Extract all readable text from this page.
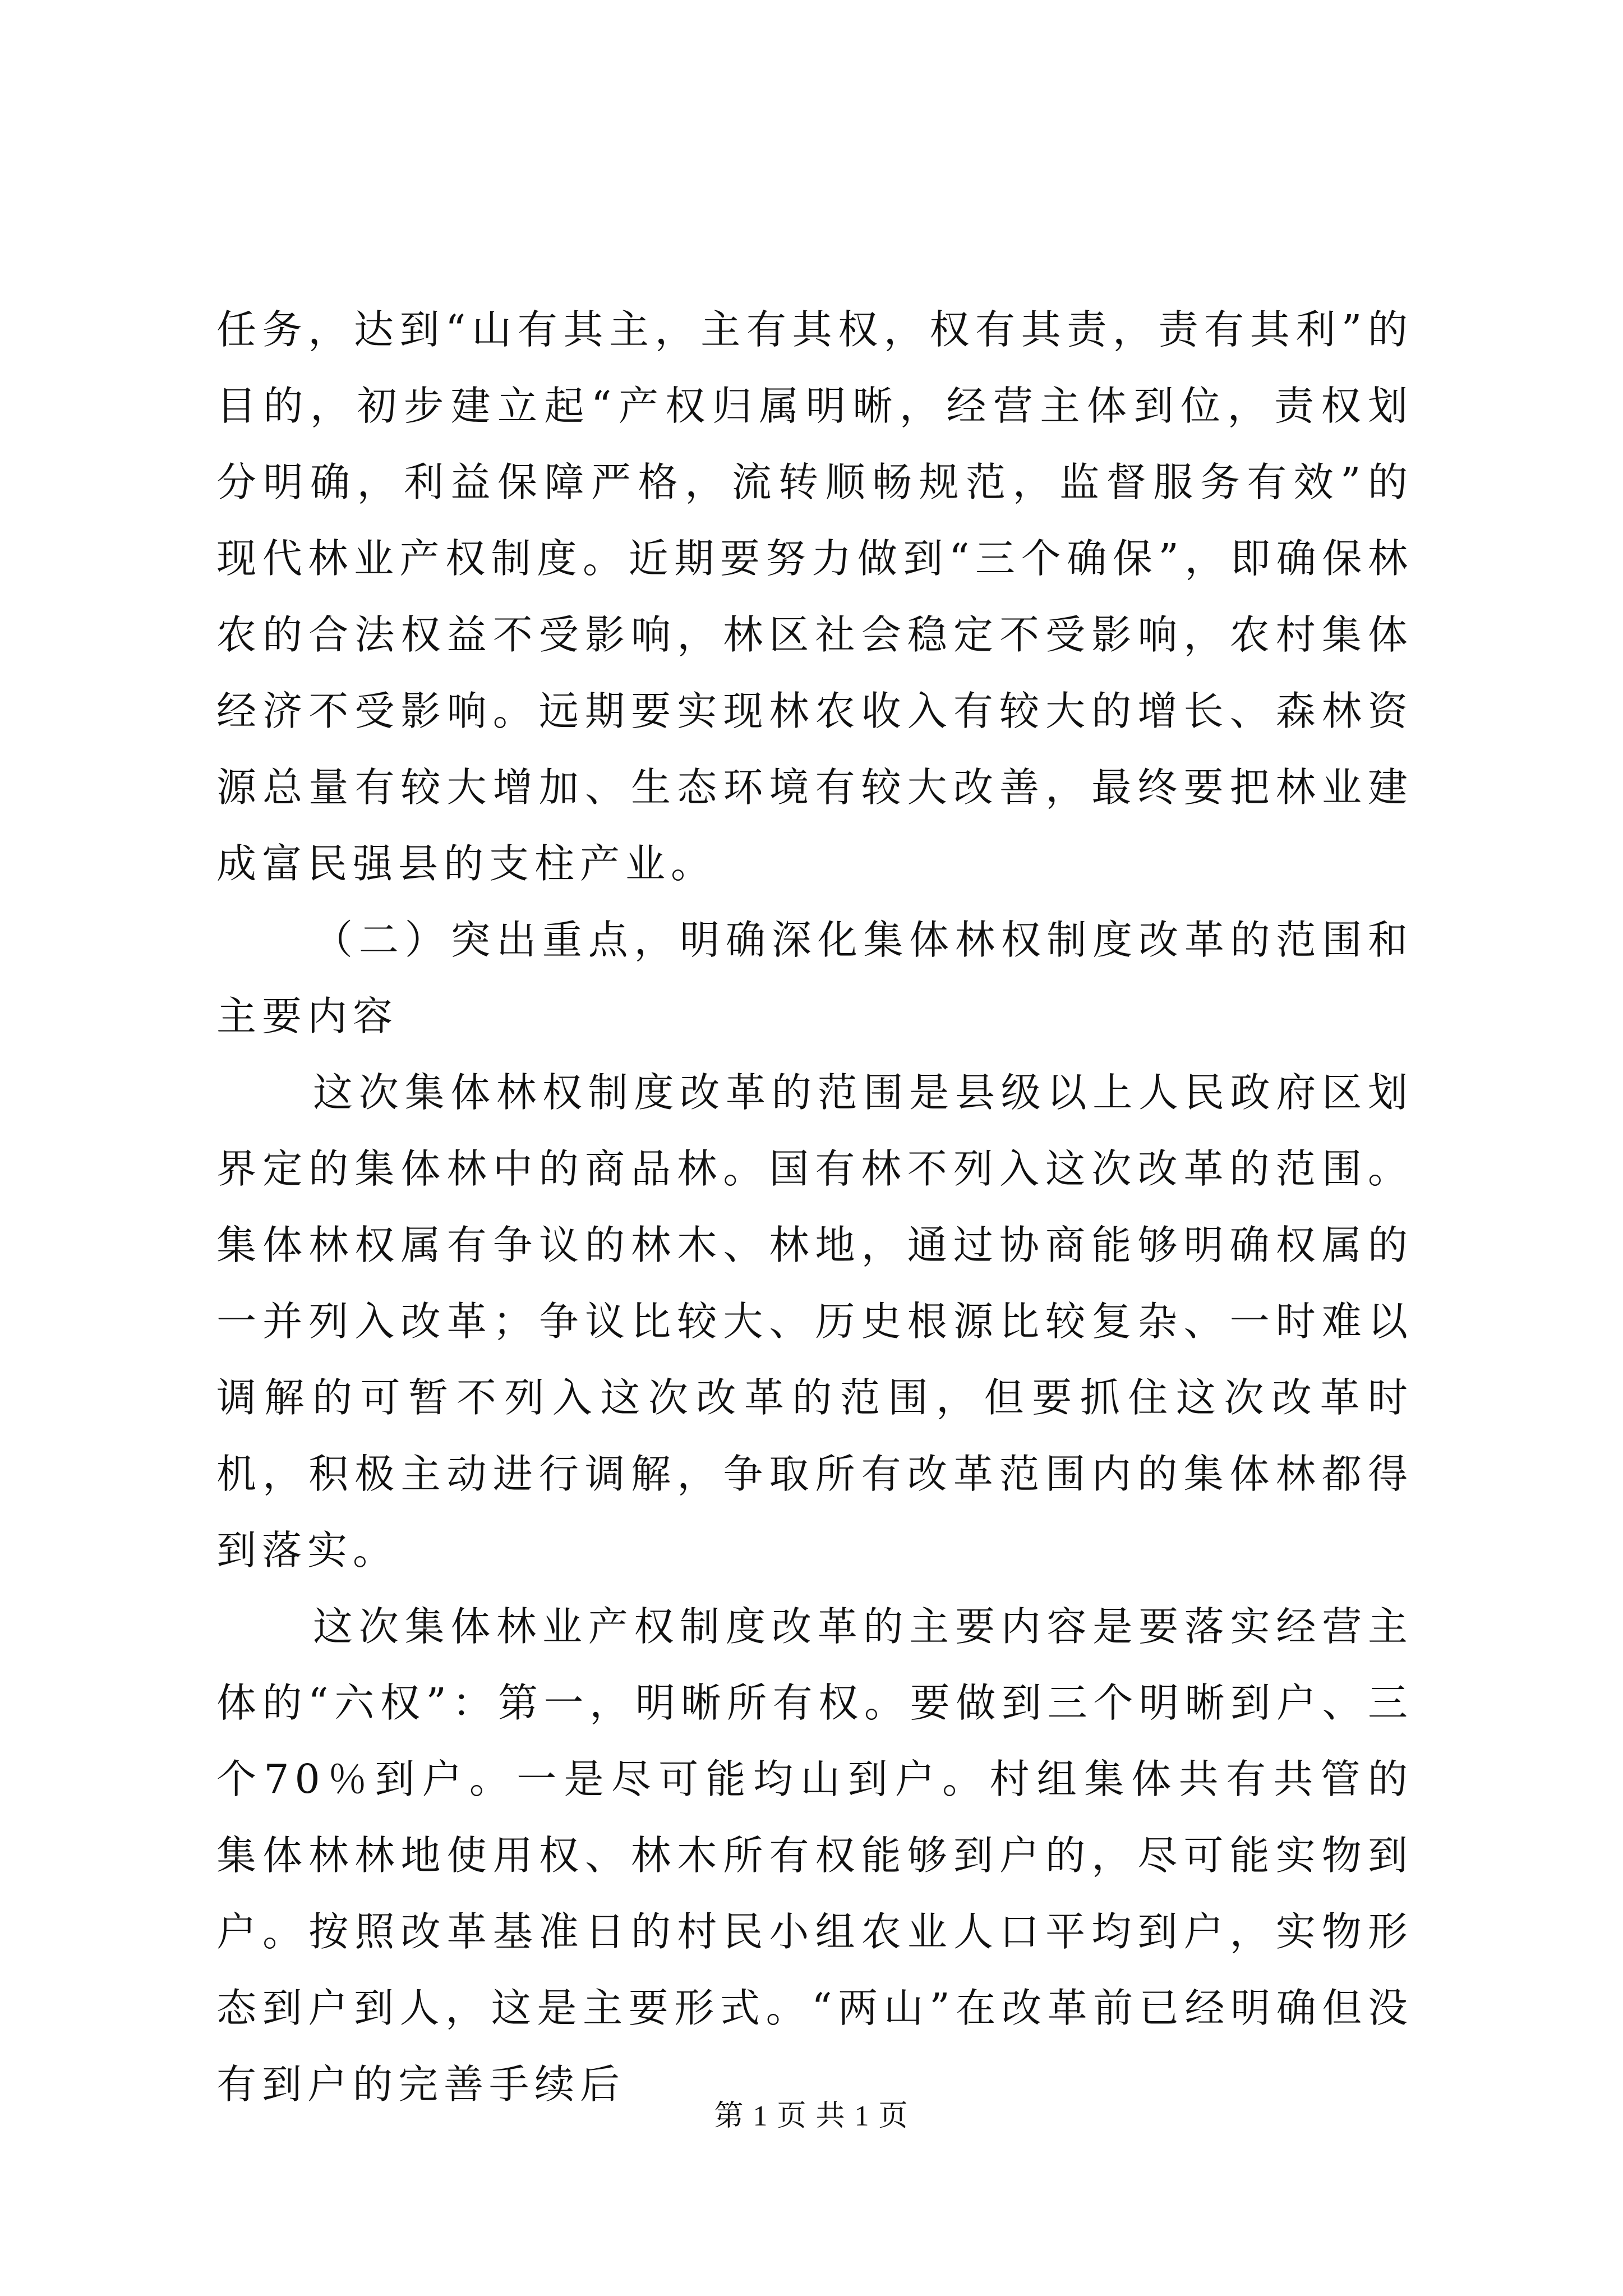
任务，达到“山有其主，主有其权，权有其责，责有其利”的目的，初步建立起“产权归属明晰，经营主体到位，责权划分明确，利益保障严格，流转顺畅规范，监督服务有效”的现代林业产权制度。近期要努力做到“三个确保”，即确保林农的合法权益不受影响，林区社会稳定不受影响，农村集体经济不受影响。远期要实现林农收入有较大的增长、森林资源总量有较大增加、生态环境有较大改善，最终要把林业建成富民强县的支柱产业。

（二）突出重点，明确深化集体林权制度改革的范围和主要内容

这次集体林权制度改革的范围是县级以上人民政府区划界定的集体林中的商品林。国有林不列入这次改革的范围。集体林权属有争议的林木、林地，通过协商能够明确权属的一并列入改革；争议比较大、历史根源比较复杂、一时难以调解的可暂不列入这次改革的范围，但要抓住这次改革时机，积极主动进行调解，争取所有改革范围内的集体林都得到落实。

这次集体林业产权制度改革的主要内容是要落实经营主体的“六权”：第一，明晰所有权。要做到三个明晰到户、三个70％到户。一是尽可能均山到户。村组集体共有共管的集体林林地使用权、林木所有权能够到户的，尽可能实物到户。按照改革基准日的村民小组农业人口平均到户，实物形态到户到人，这是主要形式。“两山”在改革前已经明确但没有到户的完善手续后

第 1 页 共 1 页
